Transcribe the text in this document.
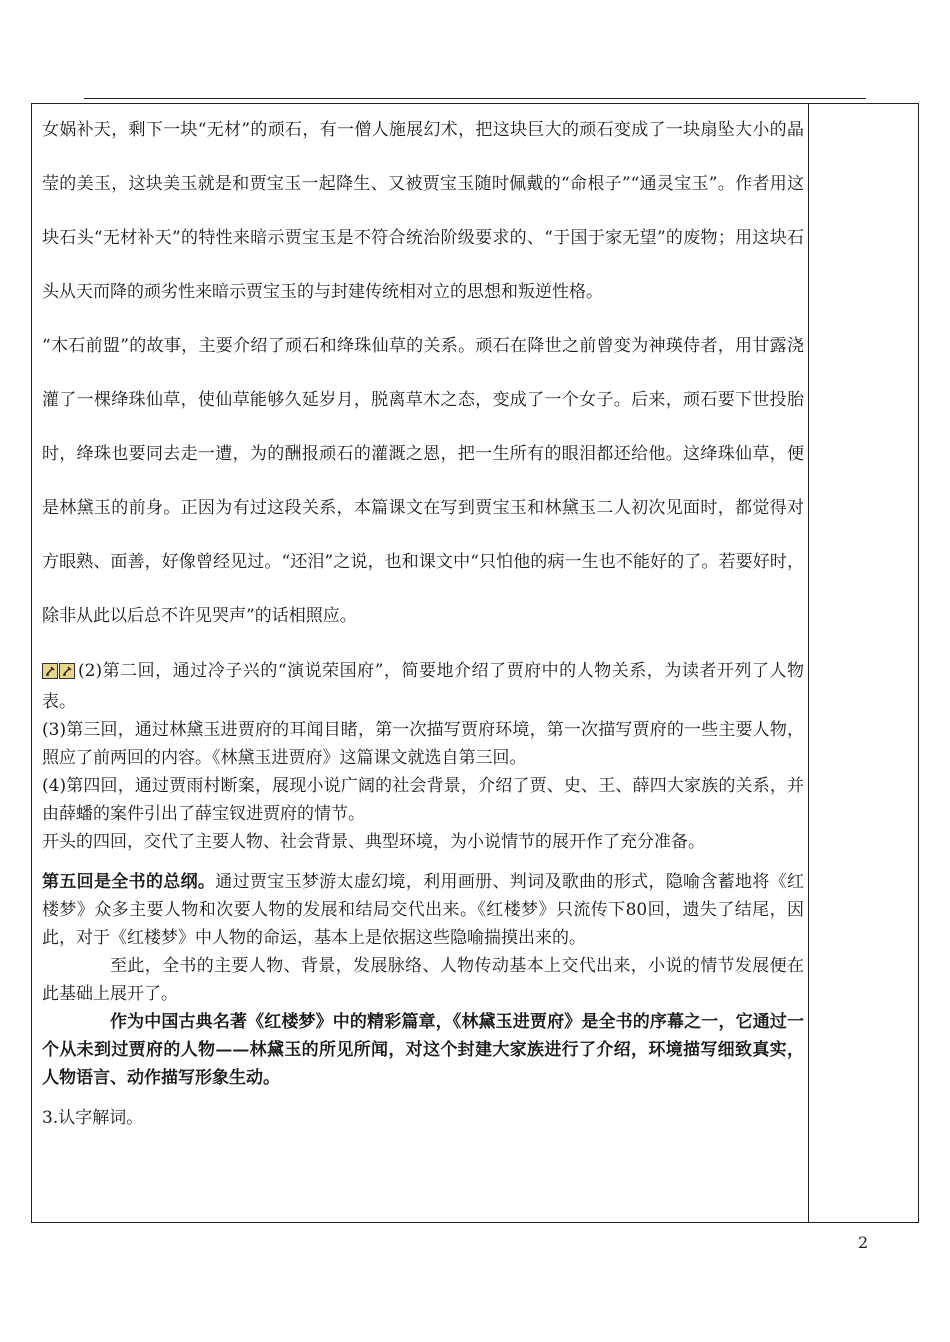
女娲补天，剩下一块“无材”的顽石，有一僧人施展幻术，把这块巨大的顽石变成了一块扇坠大小的晶莹的美玉，这块美玉就是和贾宝玉一起降生、又被贾宝玉随时佩戴的“命根子”“通灵宝玉”。作者用这块石头“无材补天”的特性来暗示贾宝玉是不符合统治阶级要求的、“于国于家无望”的废物；用这块石头从天而降的顽劣性来暗示贾宝玉的与封建传统相对立的思想和叛逆性格。

“木石前盟”的故事，主要介绍了顽石和绛珠仙草的关系。顽石在降世之前曾变为神瑛侍者，用甘露浇灌了一棵绛珠仙草，使仙草能够久延岁月，脱离草木之态，变成了一个女子。后来，顽石要下世投胎时，绛珠也要同去走一遭，为的酬报顽石的灌溉之恩，把一生所有的眼泪都还给他。这绛珠仙草，便是林黛玉的前身。正因为有过这段关系，本篇课文在写到贾宝玉和林黛玉二人初次见面时，都觉得对方眼熟、面善，好像曾经见过。“还泪”之说，也和课文中“只怕他的病一生也不能好的了。若要好时，除非从此以后总不许见哭声”的话相照应。

(2)第二回，通过冷子兴的“演说荣国府”，简要地介绍了贾府中的人物关系，为读者开列了人物表。

(3)第三回，通过林黛玉进贾府的耳闻目睹，第一次描写贾府环境，第一次描写贾府的一些主要人物，照应了前两回的内容。《林黛玉进贾府》这篇课文就选自第三回。

(4)第四回，通过贾雨村断案，展现小说广阔的社会背景，介绍了贾、史、王、薛四大家族的关系，并由薛蟠的案件引出了薛宝钗进贾府的情节。

开头的四回，交代了主要人物、社会背景、典型环境，为小说情节的展开作了充分准备。

第五回是全书的总纲。通过贾宝玉梦游太虚幻境，利用画册、判词及歌曲的形式，隐喻含蓄地将《红楼梦》众多主要人物和次要人物的发展和结局交代出来。《红楼梦》只流传下80回，遗失了结尾，因此，对于《红楼梦》中人物的命运，基本上是依据这些隐喻揣摸出来的。

至此，全书的主要人物、背景，发展脉络、人物传动基本上交代出来，小说的情节发展便在此基础上展开了。

作为中国古典名著《红楼梦》中的精彩篇章，《林黛玉进贾府》是全书的序幕之一，它通过一个从未到过贾府的人物——林黛玉的所见所闻，对这个封建大家族进行了介绍，环境描写细致真实，人物语言、动作描写形象生动。

3.认字解词。

2
